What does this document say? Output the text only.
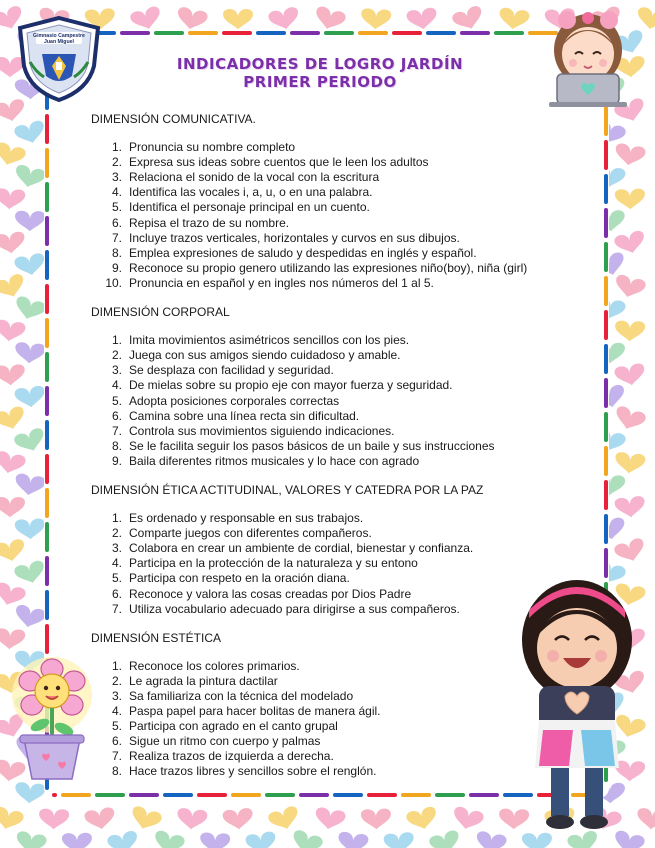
Gimnasio Campestre
Juan Miguel
INDICADORES DE LOGRO JARDÍN
PRIMER PERIODO
DIMENSIÓN COMUNICATIVA.
1. Pronuncia su nombre completo
2. Expresa sus ideas sobre cuentos que le leen los adultos
3. Relaciona el sonido de la vocal con la escritura
4. Identifica las vocales i, a, u, o en una palabra.
5. Identifica el personaje principal en un cuento.
6. Repisa el trazo de su nombre.
7. Incluye trazos verticales, horizontales y curvos en sus dibujos.
8. Emplea expresiones de saludo y despedidas en inglés y español.
9. Reconoce su propio genero utilizando las expresiones niño(boy), niña (girl)
10. Pronuncia en español y en ingles nos números del 1 al 5.
DIMENSIÓN CORPORAL
1. Imita movimientos asimétricos sencillos con los pies.
2. Juega con sus amigos siendo cuidadoso y amable.
3. Se desplaza con facilidad y seguridad.
4. De mielas sobre su propio eje con mayor fuerza y seguridad.
5. Adopta posiciones corporales correctas
6. Camina sobre una línea recta sin dificultad.
7. Controla sus movimientos siguiendo indicaciones.
8. Se le facilita seguir los pasos básicos de un baile y sus instrucciones
9. Baila diferentes ritmos musicales y lo hace con agrado
DIMENSIÓN ÉTICA ACTITUDINAL, VALORES Y CATEDRA POR LA PAZ
1. Es ordenado y responsable en sus trabajos.
2. Comparte juegos con diferentes compañeros.
3. Colabora en crear un ambiente de cordial, bienestar y confianza.
4. Participa en la protección de la naturaleza y su entono
5. Participa con respeto en la oración diana.
6. Reconoce y valora las cosas creadas por Dios Padre
7. Utiliza vocabulario adecuado para dirigirse a sus compañeros.
DIMENSIÓN ESTÉTICA
1. Reconoce los colores primarios.
2. Le agrada la pintura dactilar
3. Sa familiariza con la técnica del modelado
4. Paspa papel para hacer bolitas de manera ágil.
5. Participa con agrado en el canto grupal
6. Sigue un ritmo con cuerpo y palmas
7. Realiza trazos de izquierda a derecha.
8. Hace trazos libres y sencillos sobre el renglón.
